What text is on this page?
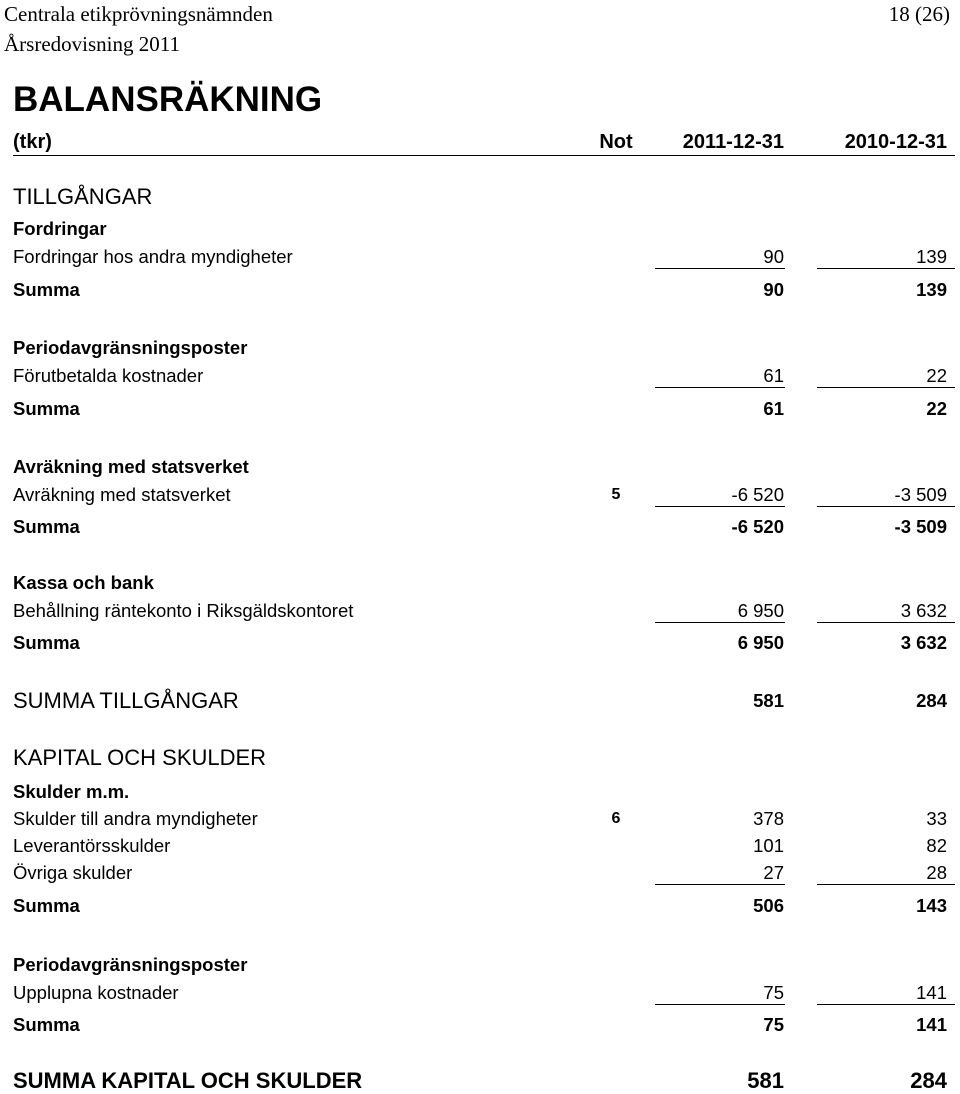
Centrala etikprövningsnämnden	18 (26)
Årsredovisning 2011
BALANSRÄKNING
(tkr)	Not	2011-12-31	2010-12-31
TILLGÅNGAR
Fordringar
Fordringar hos andra myndigheter	90	139
Summa	90	139
Periodavgränsningsposter
Förutbetalda kostnader	61	22
Summa	61	22
Avräkning med statsverket
Avräkning med statsverket	5	-6 520	-3 509
Summa	-6 520	-3 509
Kassa och bank
Behållning räntekonto i Riksgäldskontoret	6 950	3 632
Summa	6 950	3 632
SUMMA TILLGÅNGAR	581	284
KAPITAL OCH SKULDER
Skulder m.m.
Skulder till andra myndigheter	6	378	33
Leverantörsskulder	101	82
Övriga skulder	27	28
Summa	506	143
Periodavgränsningsposter
Upplupna kostnader	75	141
Summa	75	141
SUMMA KAPITAL OCH SKULDER	581	284
